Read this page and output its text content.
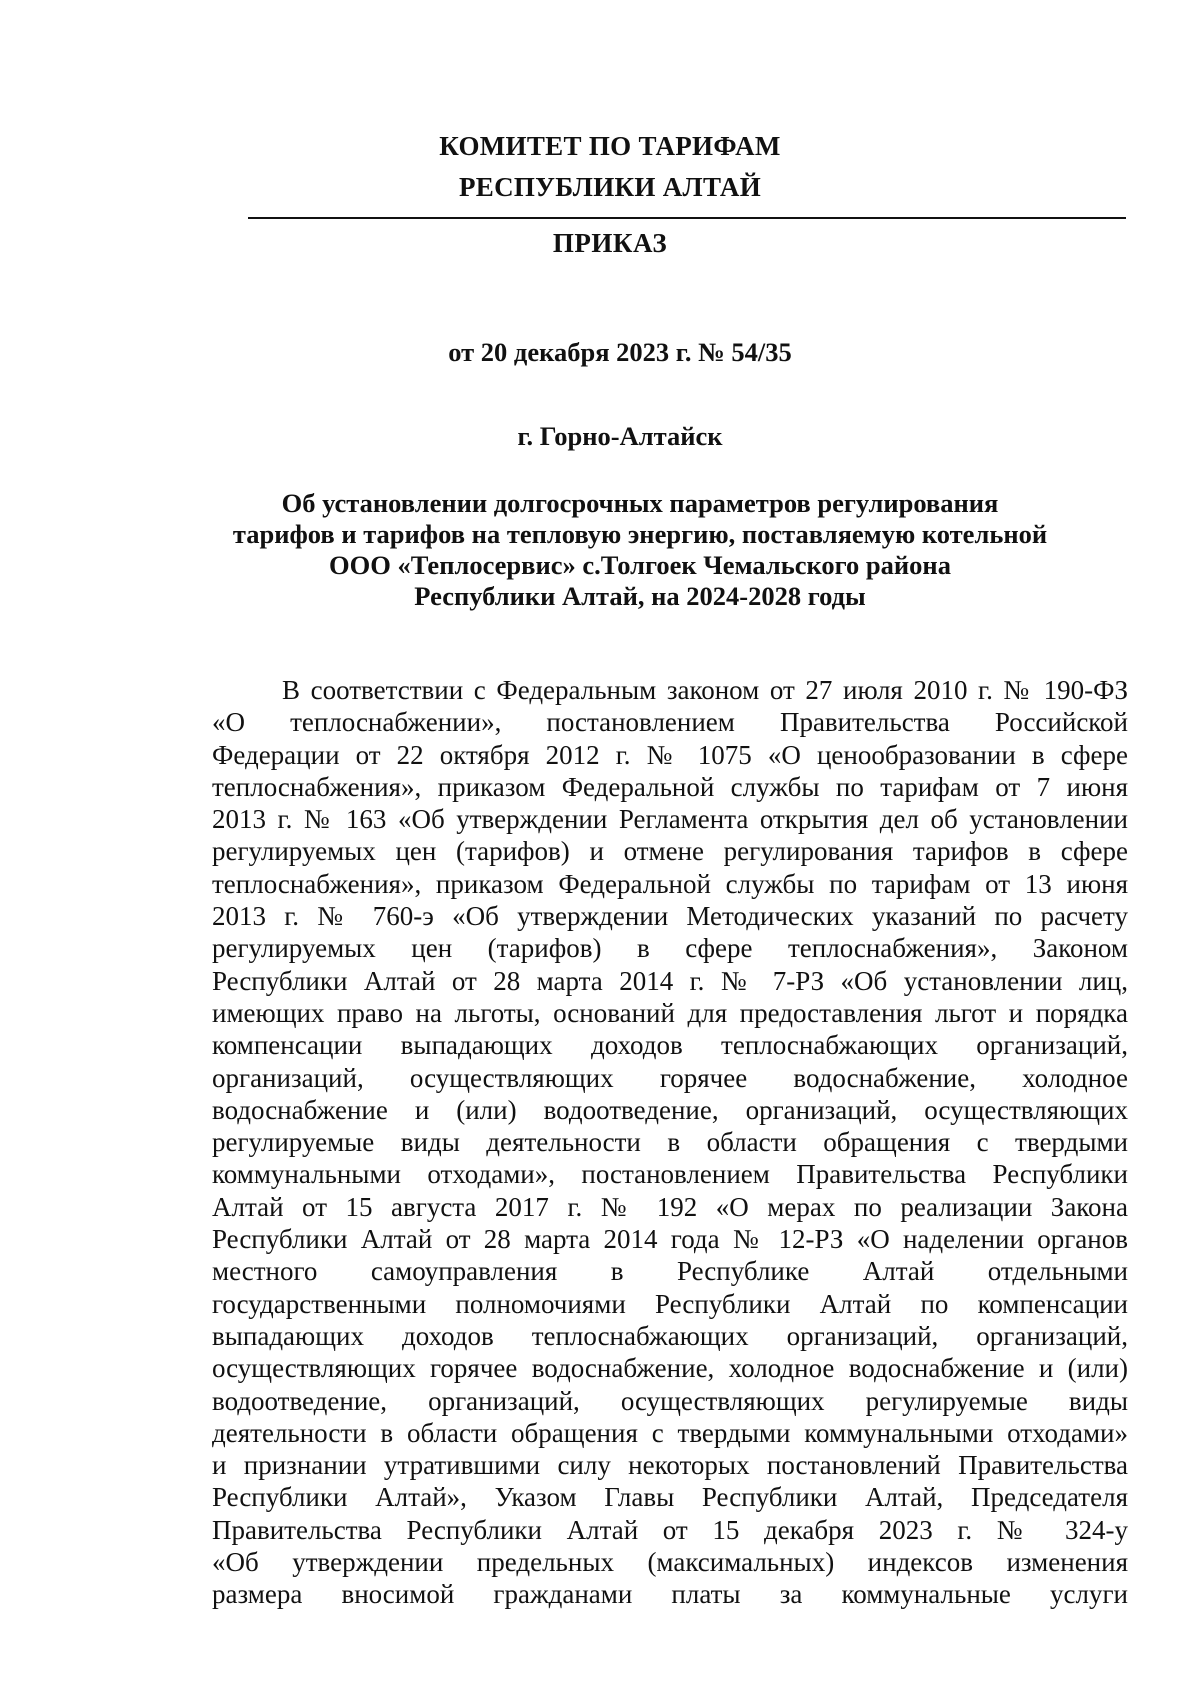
КОМИТЕТ ПО ТАРИФАМ
РЕСПУБЛИКИ АЛТАЙ
ПРИКАЗ
от 20 декабря 2023 г. № 54/35
г. Горно-Алтайск
Об установлении долгосрочных параметров регулирования
тарифов и тарифов на тепловую энергию, поставляемую котельной
ООО «Теплосервис» с.Толгоек Чемальского района
Республики Алтай, на 2024-2028 годы
В соответствии с Федеральным законом от 27 июля 2010 г. № 190-ФЗ
«О теплоснабжении», постановлением Правительства Российской
Федерации от 22 октября 2012 г. № 1075 «О ценообразовании в сфере
теплоснабжения», приказом Федеральной службы по тарифам от 7 июня
2013 г. № 163 «Об утверждении Регламента открытия дел об установлении
регулируемых цен (тарифов) и отмене регулирования тарифов в сфере
теплоснабжения», приказом Федеральной службы по тарифам от 13 июня
2013 г. № 760-э «Об утверждении Методических указаний по расчету
регулируемых цен (тарифов) в сфере теплоснабжения», Законом
Республики Алтай от 28 марта 2014 г. № 7-РЗ «Об установлении лиц,
имеющих право на льготы, оснований для предоставления льгот и порядка
компенсации выпадающих доходов теплоснабжающих организаций,
организаций, осуществляющих горячее водоснабжение, холодное
водоснабжение и (или) водоотведение, организаций, осуществляющих
регулируемые виды деятельности в области обращения с твердыми
коммунальными отходами», постановлением Правительства Республики
Алтай от 15 августа 2017 г. № 192 «О мерах по реализации Закона
Республики Алтай от 28 марта 2014 года № 12-РЗ «О наделении органов
местного самоуправления в Республике Алтай отдельными
государственными полномочиями Республики Алтай по компенсации
выпадающих доходов теплоснабжающих организаций, организаций,
осуществляющих горячее водоснабжение, холодное водоснабжение и (или)
водоотведение, организаций, осуществляющих регулируемые виды
деятельности в области обращения с твердыми коммунальными отходами»
и признании утратившими силу некоторых постановлений Правительства
Республики Алтай», Указом Главы Республики Алтай, Председателя
Правительства Республики Алтай от 15 декабря 2023 г. № 324-у
«Об утверждении предельных (максимальных) индексов изменения
размера вносимой гражданами платы за коммунальные услуги
